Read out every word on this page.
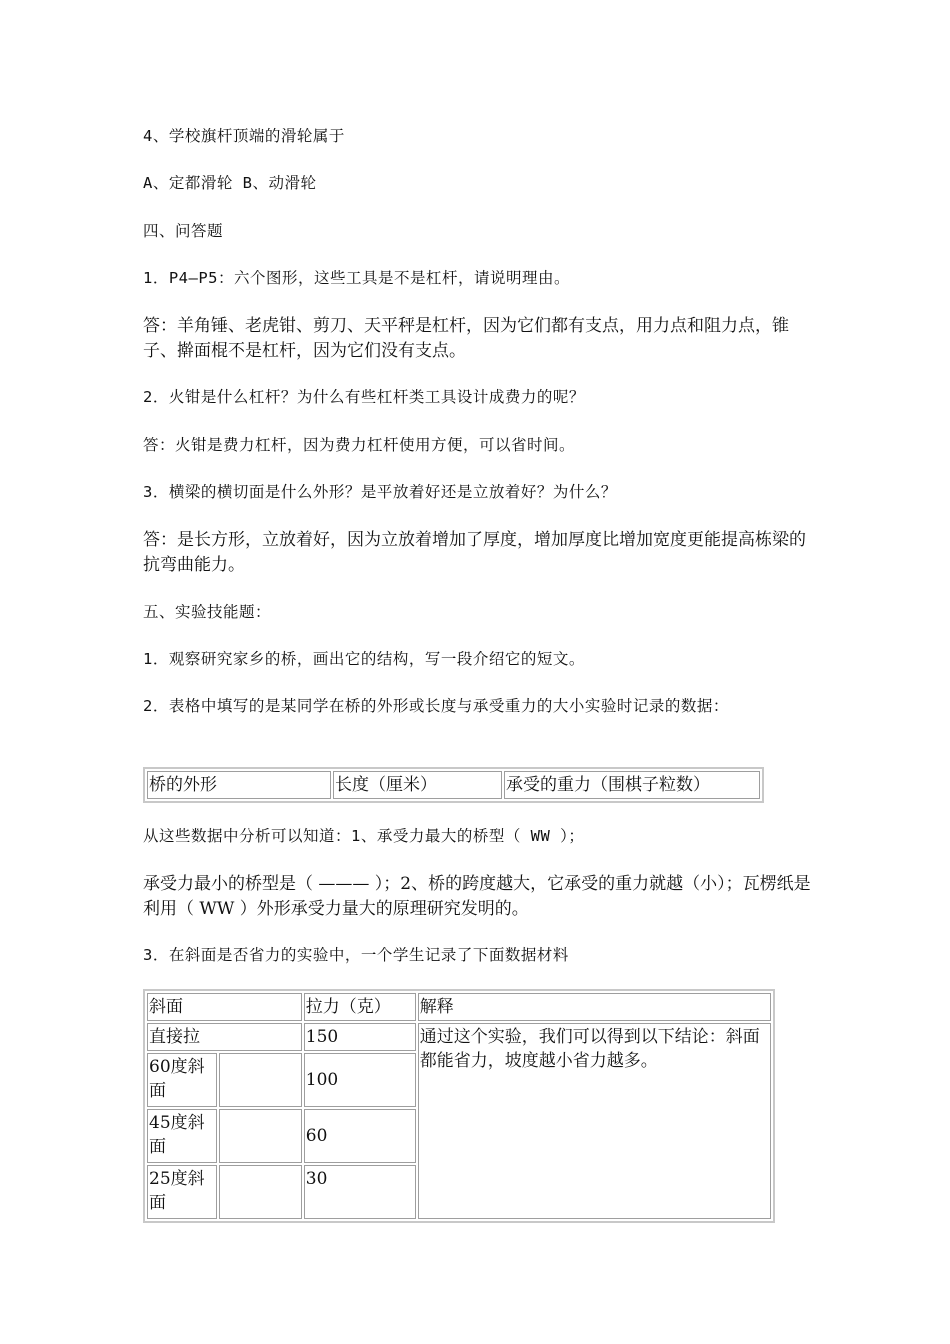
4、学校旗杆顶端的滑轮属于
A、定都滑轮 B、动滑轮
四、问答题
1．P4—P5：六个图形，这些工具是不是杠杆，请说明理由。
答：羊角锤、老虎钳、剪刀、天平秤是杠杆，因为它们都有支点，用力点和阻力点，锥子、擀面棍不是杠杆，因为它们没有支点。
2．火钳是什么杠杆？为什么有些杠杆类工具设计成费力的呢？
答：火钳是费力杠杆，因为费力杠杆使用方便，可以省时间。
3．横梁的横切面是什么外形？是平放着好还是立放着好？为什么？
答：是长方形，立放着好，因为立放着增加了厚度，增加厚度比增加宽度更能提高栋梁的抗弯曲能力。
五、实验技能题：
1．观察研究家乡的桥，画出它的结构，写一段介绍它的短文。
2．表格中填写的是某同学在桥的外形或长度与承受重力的大小实验时记录的数据：
桥的外形	长度（厘米）	承受的重力（围棋子粒数）
从这些数据中分析可以知道：1、承受力最大的桥型（ WW ）；
承受力最小的桥型是（ ——— ）；2、桥的跨度越大，它承受的重力就越（小）；瓦楞纸是利用（ WW ）外形承受力量大的原理研究发明的。
3．在斜面是否省力的实验中，一个学生记录了下面数据材料
斜面		拉力（克）	解释
直接拉		150	通过这个实验，我们可以得到以下结论：斜面都能省力，坡度越小省力越多。
60度斜面		100	
45度斜面		60	
25度斜面		30	
